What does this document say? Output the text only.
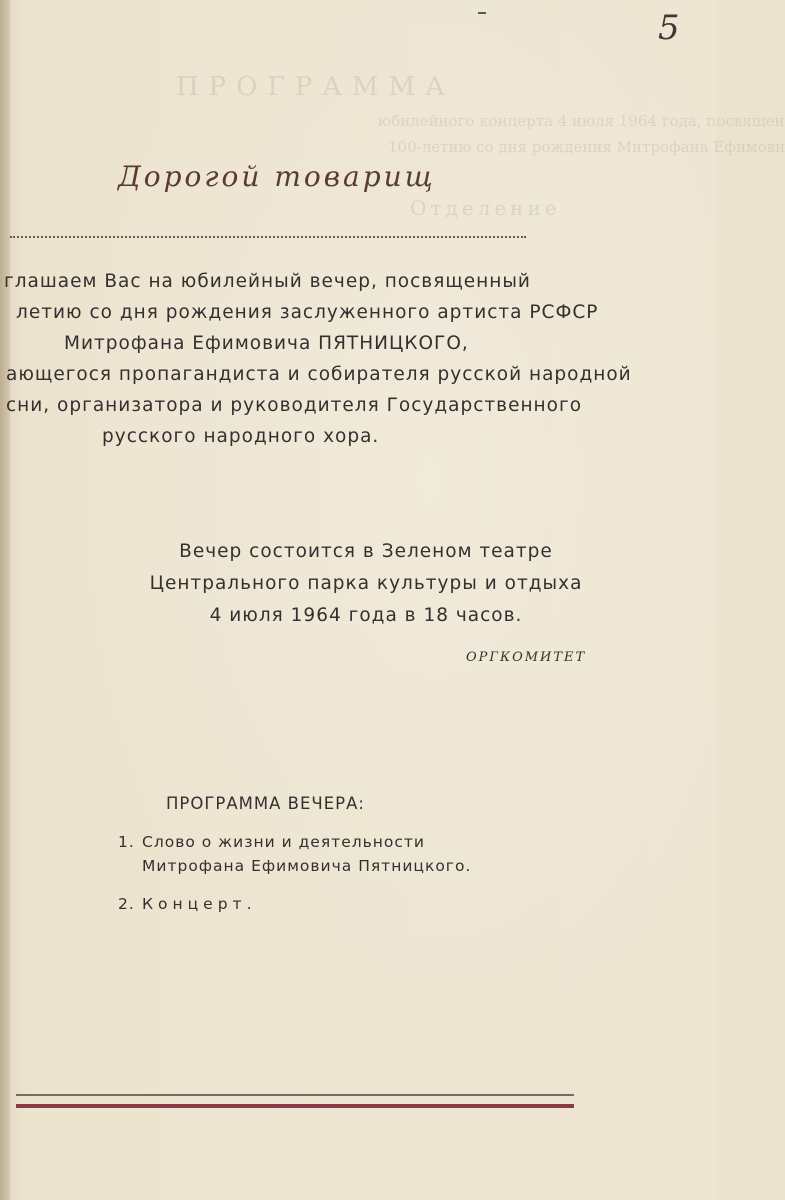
ПРОГРАММА
юбилейного концерта 4 июля 1964 года, посвящен
100-летию со дня рождения Митрофана Ефимови
Отделение
5
Дорогой товарищ
глашаем Вас на юбилейный вечер, посвященный
летию со дня рождения заслуженного артиста РСФСР
Митрофана Ефимовича ПЯТНИЦКОГО,
ающегося пропагандиста и собирателя русской народной
сни, организатора и руководителя Государственного
русского народного хора.
Вечер состоится в Зеленом театре
Центрального парка культуры и отдыха
4 июля 1964 года в 18 часов.
ОРГКОМИТЕТ
ПРОГРАММА ВЕЧЕРА:
1. Слово о жизни и деятельности
Митрофана Ефимовича Пятницкого.
2. Концерт.
